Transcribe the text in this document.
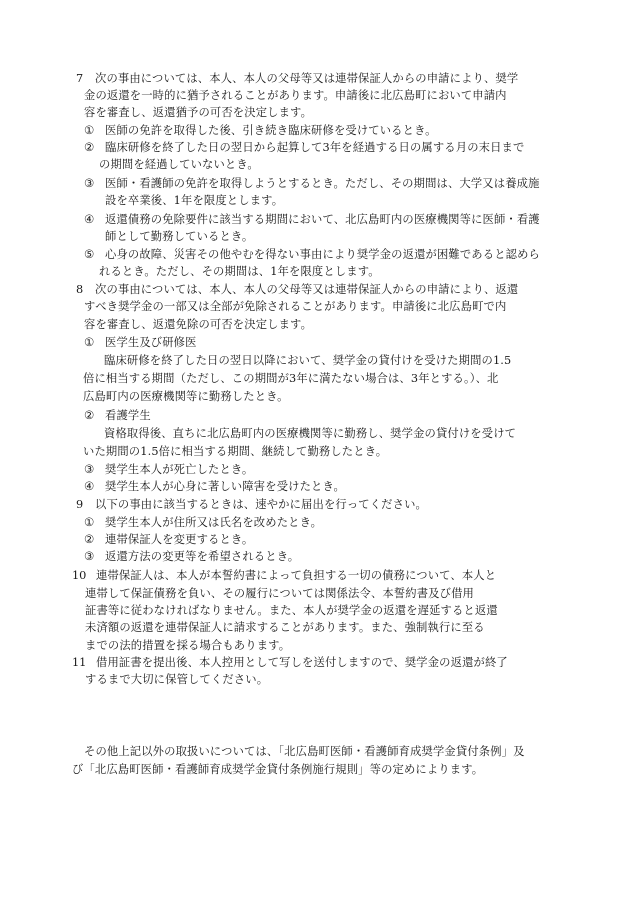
7 次の事由については、本人、本人の父母等又は連帯保証人からの申請により、奨学
金の返還を一時的に猶予されることがあります。申請後に北広島町において申請内
容を審査し、返還猶予の可否を決定します。
① 医師の免許を取得した後、引き続き臨床研修を受けているとき。
② 臨床研修を終了した日の翌日から起算して3年を経過する日の属する月の末日まで
の期間を経過していないとき。
③ 医師・看護師の免許を取得しようとするとき。ただし、その期間は、大学又は養成施
設を卒業後、1年を限度とします。
④ 返還債務の免除要件に該当する期間において、北広島町内の医療機関等に医師・看護
師として勤務しているとき。
⑤ 心身の故障、災害その他やむを得ない事由により奨学金の返還が困難であると認めら
れるとき。ただし、その期間は、1年を限度とします。
8 次の事由については、本人、本人の父母等又は連帯保証人からの申請により、返還
すべき奨学金の一部又は全部が免除されることがあります。申請後に北広島町で内
容を審査し、返還免除の可否を決定します。
① 医学生及び研修医
臨床研修を終了した日の翌日以降において、奨学金の貸付けを受けた期間の1.5
倍に相当する期間（ただし、この期間が3年に満たない場合は、3年とする。）、北
広島町内の医療機関等に勤務したとき。
② 看護学生
資格取得後、直ちに北広島町内の医療機関等に勤務し、奨学金の貸付けを受けて
いた期間の1.5倍に相当する期間、継続して勤務したとき。
③ 奨学生本人が死亡したとき。
④ 奨学生本人が心身に著しい障害を受けたとき。
9 以下の事由に該当するときは、速やかに届出を行ってください。
① 奨学生本人が住所又は氏名を改めたとき。
② 連帯保証人を変更するとき。
③ 返還方法の変更等を希望されるとき。
10 連帯保証人は、本人が本誓約書によって負担する一切の債務について、本人と
連帯して保証債務を負い、その履行については関係法令、本誓約書及び借用
証書等に従わなければなりません。また、本人が奨学金の返還を遅延すると返還
未済額の返還を連帯保証人に請求することがあります。また、強制執行に至る
までの法的措置を採る場合もあります。
11 借用証書を提出後、本人控用として写しを送付しますので、奨学金の返還が終了
するまで大切に保管してください。
その他上記以外の取扱いについては、「北広島町医師・看護師育成奨学金貸付条例」及
び「北広島町医師・看護師育成奨学金貸付条例施行規則」等の定めによります。
